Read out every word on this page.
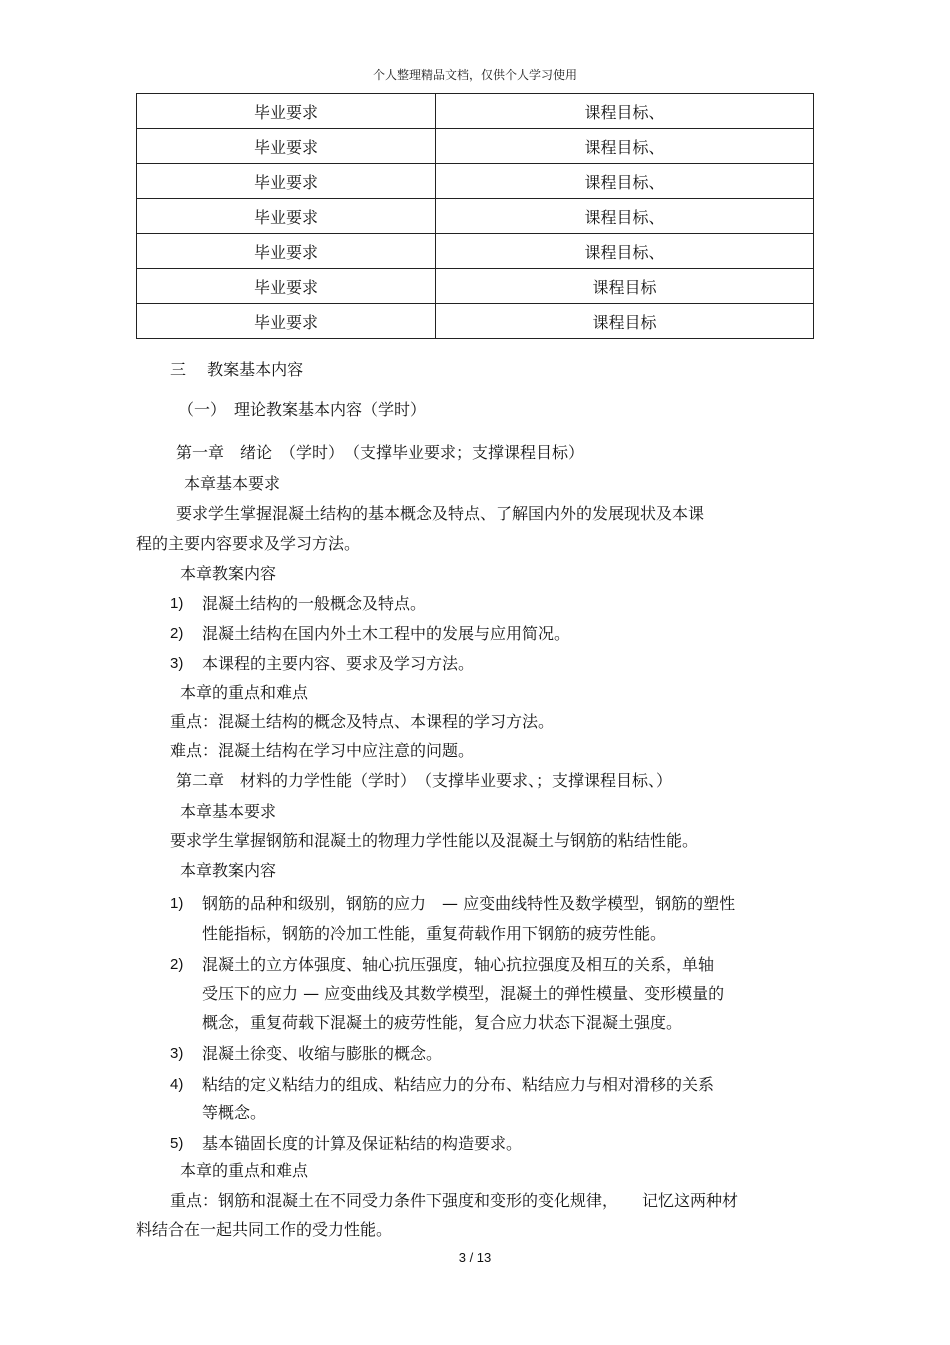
个人整理精品文档，仅供个人学习使用
毕业要求	课程目标、
毕业要求	课程目标、
毕业要求	课程目标、
毕业要求	课程目标、
毕业要求	课程目标、
毕业要求	课程目标
毕业要求	课程目标
三　 教案基本内容
（一）　理论教案基本内容（学时）
第一章　绪论　（学时）　（支撑毕业要求；支撑课程目标）
本章基本要求
要求学生掌握混凝土结构的基本概念及特点、了解国内外的发展现状及本课
程的主要内容要求及学习方法。
本章教案内容
1) 混凝土结构的一般概念及特点。
2) 混凝土结构在国内外土木工程中的发展与应用简况。
3) 本课程的主要内容、要求及学习方法。
本章的重点和难点
重点：混凝土结构的概念及特点、本课程的学习方法。
难点：混凝土结构在学习中应注意的问题。
第二章　材料的力学性能（学时）　（支撑毕业要求、；支撑课程目标、）
本章基本要求
要求学生掌握钢筋和混凝土的物理力学性能以及混凝土与钢筋的粘结性能。
本章教案内容
1) 钢筋的品种和级别，钢筋的应力　— 应变曲线特性及数学模型，钢筋的塑性
性能指标，钢筋的冷加工性能，重复荷载作用下钢筋的疲劳性能。
2) 混凝土的立方体强度、轴心抗压强度，轴心抗拉强度及相互的关系，单轴
受压下的应力 — 应变曲线及其数学模型，混凝土的弹性模量、变形模量的
概念，重复荷载下混凝土的疲劳性能，复合应力状态下混凝土强度。
3) 混凝土徐变、收缩与膨胀的概念。
4) 粘结的定义粘结力的组成、粘结应力的分布、粘结应力与相对滑移的关系
等概念。
5) 基本锚固长度的计算及保证粘结的构造要求。
本章的重点和难点
重点：钢筋和混凝土在不同受力条件下强度和变形的变化规律，　　记忆这两种材
料结合在一起共同工作的受力性能。
3 / 13
